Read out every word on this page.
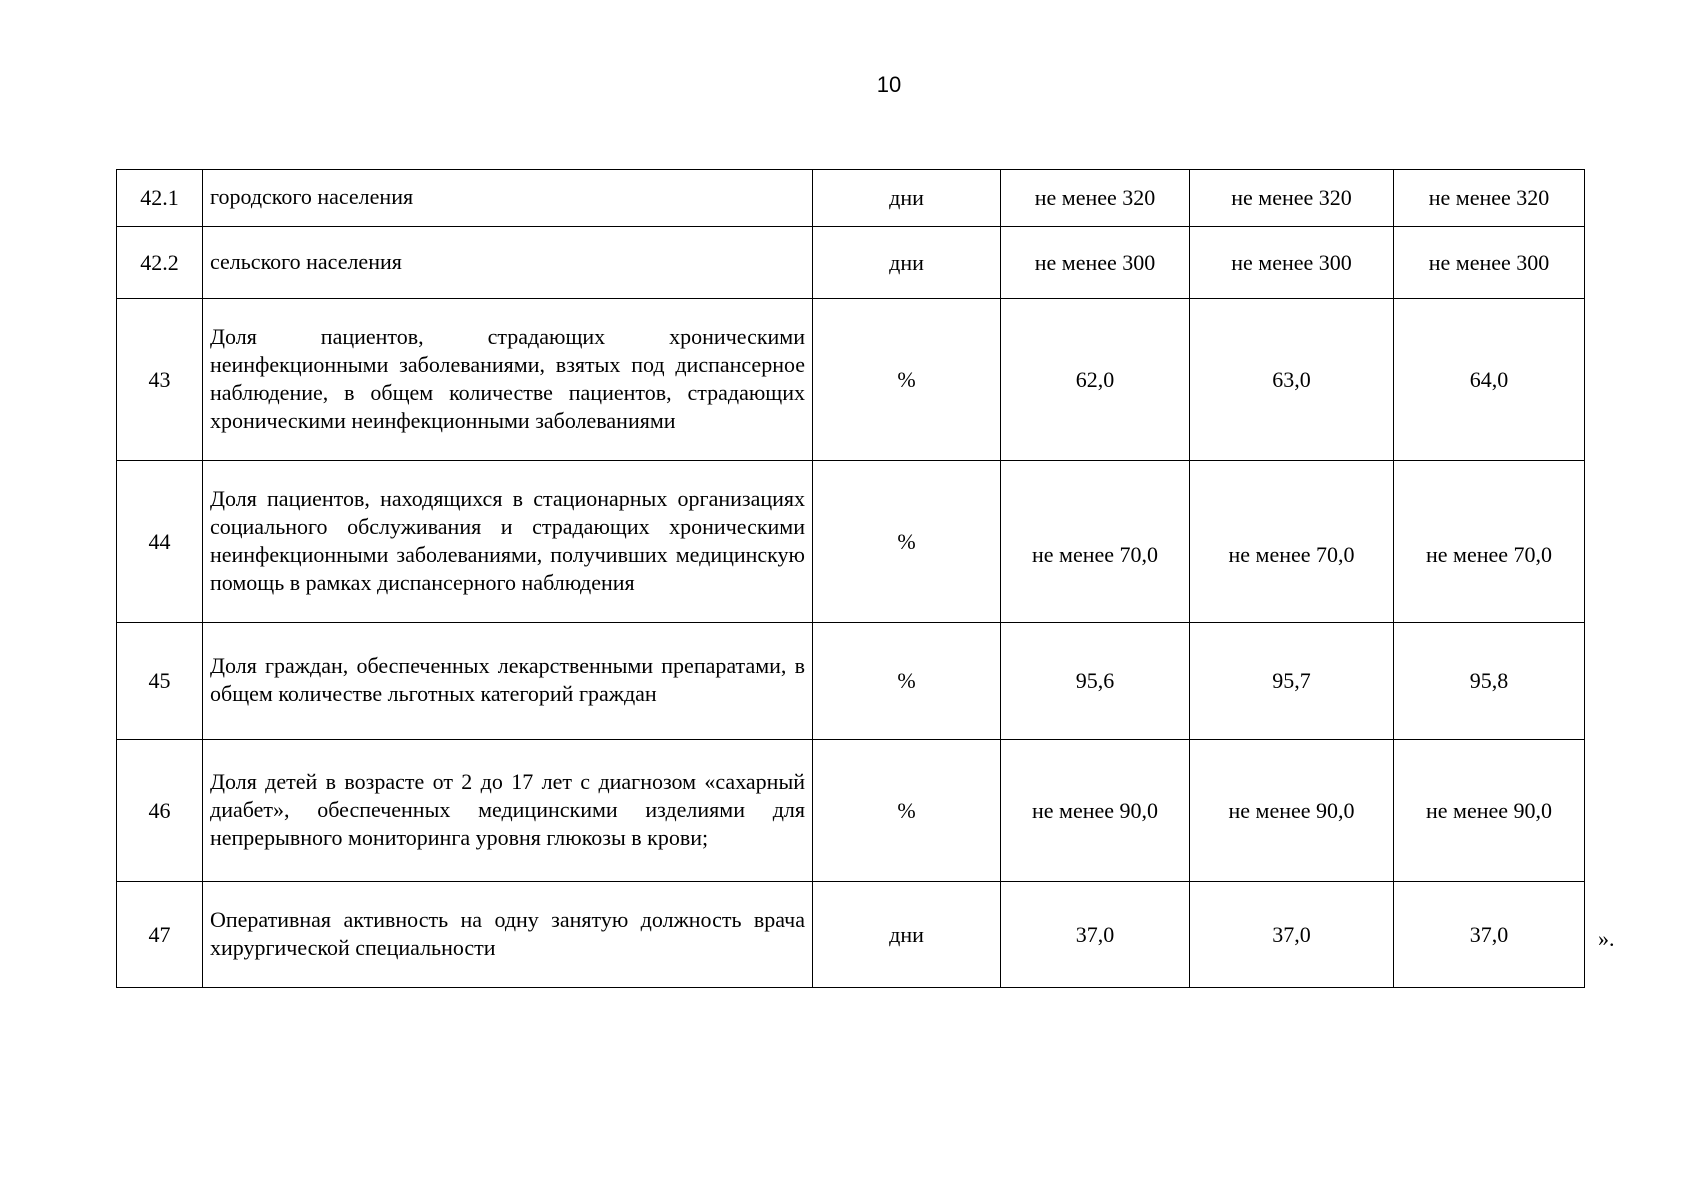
10
42.1	городского населения	дни	не менее 320	не менее 320	не менее 320
42.2	сельского населения	дни	не менее 300	не менее 300	не менее 300
43	Доля пациентов, страдающих хроническими неинфекционными заболеваниями, взятых под диспансерное наблюдение, в общем количестве пациентов, страдающих хроническими неинфекционными заболеваниями	%	62,0	63,0	64,0
44	Доля пациентов, находящихся в стационарных организациях социального обслуживания и страдающих хроническими неинфекционными заболеваниями, получивших медицинскую помощь в рамках диспансерного наблюдения	%	не менее 70,0	не менее 70,0	не менее 70,0
45	Доля граждан, обеспеченных лекарственными препаратами, в общем количестве льготных категорий граждан	%	95,6	95,7	95,8
46	Доля детей в возрасте от 2 до 17 лет с диагнозом «сахарный диабет», обеспеченных медицинскими изделиями для непрерывного мониторинга уровня глюкозы в крови;	%	не менее 90,0	не менее 90,0	не менее 90,0
47	Оперативная активность на одну занятую должность врача хирургической специальности	дни	37,0	37,0	37,0	».
